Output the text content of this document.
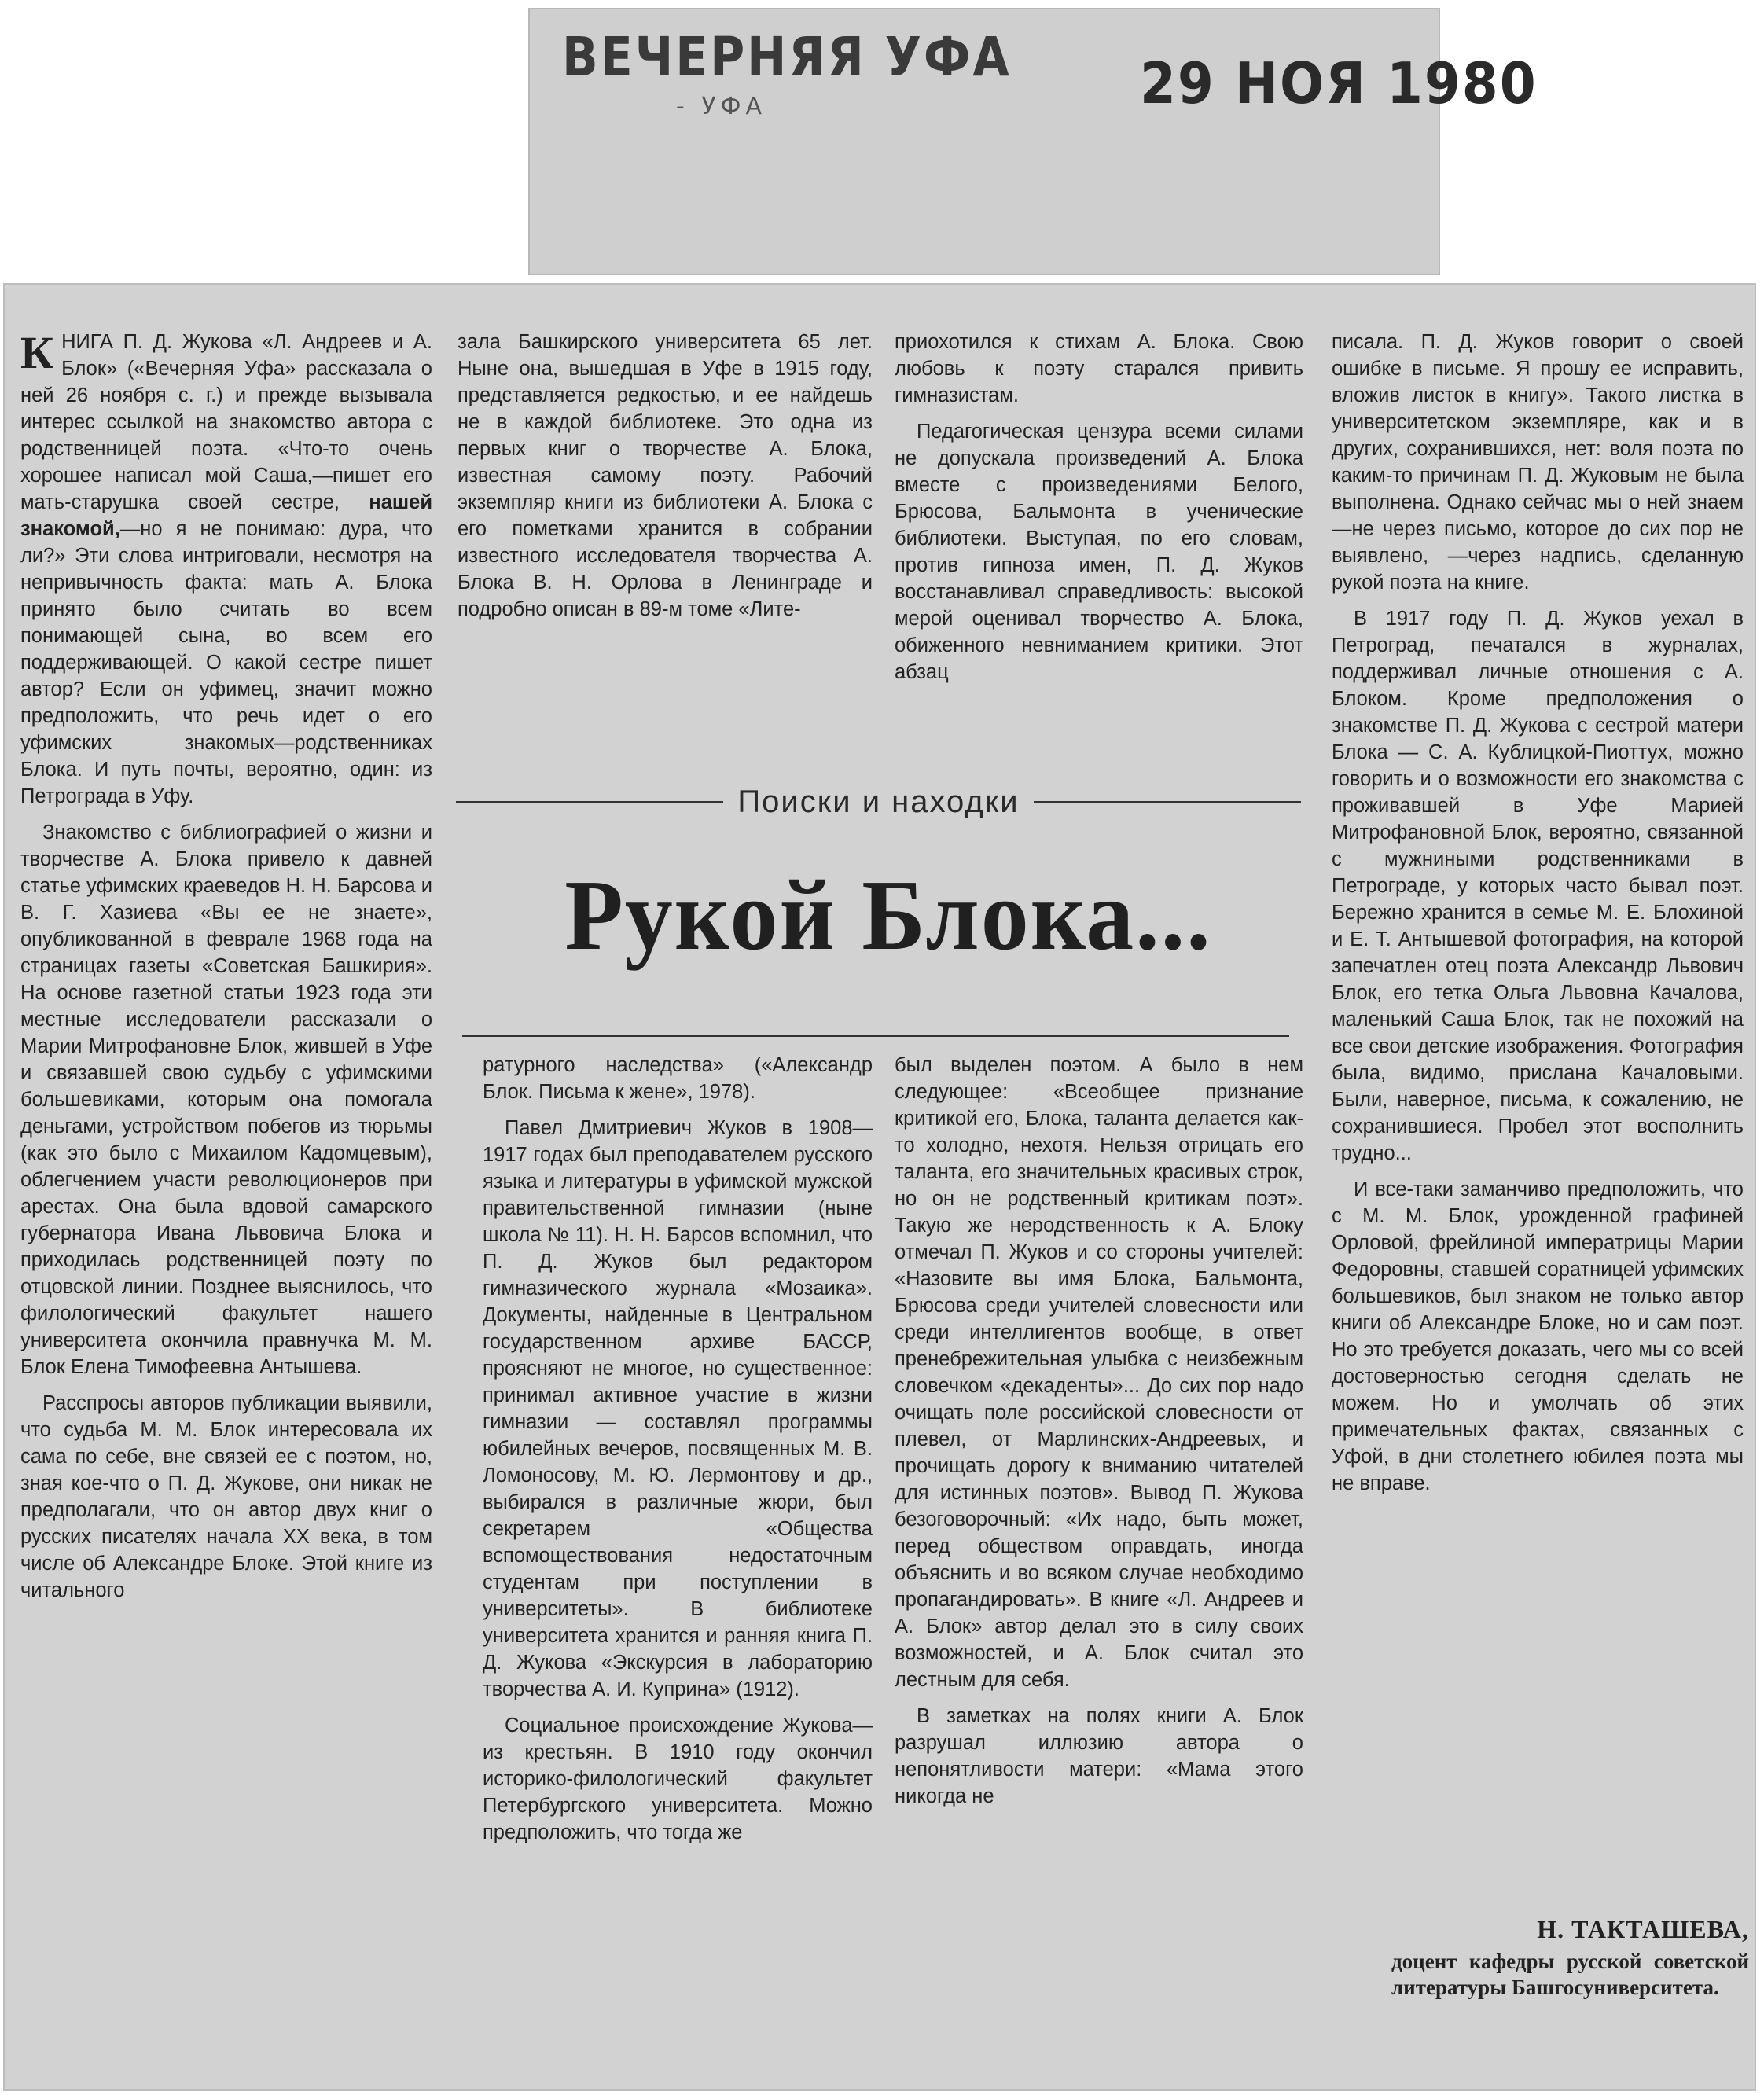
ВЕЧЕРНЯЯ УФА
- УФА	29 НОЯ 1980

КНИГА П. Д. Жукова «Л. Андреев и А. Блок» («Вечерняя Уфа» рассказала о ней 26 ноября с. г.) и прежде вызывала интерес ссылкой на знакомство автора с родственницей поэта. «Что-то очень хорошее написал мой Саша,—пишет его мать-старушка своей сестре, нашей знакомой,—но я не понимаю: дура, что ли?» Эти слова интриговали, несмотря на непривычность факта: мать А. Блока принято было считать во всем понимающей сына, во всем его поддерживающей. О какой сестре пишет автор? Если он уфимец, значит можно предположить, что речь идет о его уфимских знакомых—родственниках Блока. И путь почты, вероятно, один: из Петрограда в Уфу.

Знакомство с библиографией о жизни и творчестве А. Блока привело к давней статье уфимских краеведов Н. Н. Барсова и В. Г. Хазиева «Вы ее не знаете», опубликованной в феврале 1968 года на страницах газеты «Советская Башкирия». На основе газетной статьи 1923 года эти местные исследователи рассказали о Марии Митрофановне Блок, жившей в Уфе и связавшей свою судьбу с уфимскими большевиками, которым она помогала деньгами, устройством побегов из тюрьмы (как это было с Михаилом Кадомцевым), облегчением участи революционеров при арестах. Она была вдовой самарского губернатора Ивана Львовича Блока и приходилась родственницей поэту по отцовской линии. Позднее выяснилось, что филологический факультет нашего университета окончила правнучка М. М. Блок Елена Тимофеевна Антышева.

Расспросы авторов публикации выявили, что судьба М. М. Блок интересовала их сама по себе, вне связей ее с поэтом, но, зная кое-что о П. Д. Жукове, они никак не предполагали, что он автор двух книг о русских писателях начала XX века, в том числе об Александре Блоке. Этой книге из читального

зала Башкирского университета 65 лет. Ныне она, вышедшая в Уфе в 1915 году, представляется редкостью, и ее найдешь не в каждой библиотеке. Это одна из первых книг о творчестве А. Блока, известная самому поэту. Рабочий экземпляр книги из библиотеки А. Блока с его пометками хранится в собрании известного исследователя творчества А. Блока В. Н. Орлова в Ленинграде и подробно описан в 89-м томе «Лите-

приохотился к стихам А. Блока. Свою любовь к поэту старался привить гимназистам.

Педагогическая цензура всеми силами не допускала произведений А. Блока вместе с произведениями Белого, Брюсова, Бальмонта в ученические библиотеки. Выступая, по его словам, против гипноза имен, П. Д. Жуков восстанавливал справедливость: высокой мерой оценивал творчество А. Блока, обиженного невниманием критики. Этот абзац

Поиски и находки
Рукой Блока...

ратурного наследства» («Александр Блок. Письма к жене», 1978).

Павел Дмитриевич Жуков в 1908—1917 годах был преподавателем русского языка и литературы в уфимской мужской правительственной гимназии (ныне школа № 11). Н. Н. Барсов вспомнил, что П. Д. Жуков был редактором гимназического журнала «Мозаика». Документы, найденные в Центральном государственном архиве БАССР, проясняют не многое, но существенное: принимал активное участие в жизни гимназии — составлял программы юбилейных вечеров, посвященных М. В. Ломоносову, М. Ю. Лермонтову и др., выбирался в различные жюри, был секретарем «Общества вспомоществования недостаточным студентам при поступлении в университеты». В библиотеке университета хранится и ранняя книга П. Д. Жукова «Экскурсия в лабораторию творчества А. И. Куприна» (1912).

Социальное происхождение Жукова—из крестьян. В 1910 году окончил историко-филологический факультет Петербургского университета. Можно предположить, что тогда же

был выделен поэтом. А было в нем следующее: «Всеобщее признание критикой его, Блока, таланта делается как-то холодно, нехотя. Нельзя отрицать его таланта, его значительных красивых строк, но он не родственный критикам поэт». Такую же неродственность к А. Блоку отмечал П. Жуков и со стороны учителей: «Назовите вы имя Блока, Бальмонта, Брюсова среди учителей словесности или среди интеллигентов вообще, в ответ пренебрежительная улыбка с неизбежным словечком «декаденты»... До сих пор надо очищать поле российской словесности от плевел, от Марлинских-Андреевых, и прочищать дорогу к вниманию читателей для истинных поэтов». Вывод П. Жукова безоговорочный: «Их надо, быть может, перед обществом оправдать, иногда объяснить и во всяком случае необходимо пропагандировать». В книге «Л. Андреев и А. Блок» автор делал это в силу своих возможностей, и А. Блок считал это лестным для себя.

В заметках на полях книги А. Блок разрушал иллюзию автора о непонятливости матери: «Мама этого никогда не

писала. П. Д. Жуков говорит о своей ошибке в письме. Я прошу ее исправить, вложив листок в книгу». Такого листка в университетском экземпляре, как и в других, сохранившихся, нет: воля поэта по каким-то причинам П. Д. Жуковым не была выполнена. Однако сейчас мы о ней знаем —не через письмо, которое до сих пор не выявлено, —через надпись, сделанную рукой поэта на книге.

В 1917 году П. Д. Жуков уехал в Петроград, печатался в журналах, поддерживал личные отношения с А. Блоком. Кроме предположения о знакомстве П. Д. Жукова с сестрой матери Блока — С. А. Кублицкой-Пиоттух, можно говорить и о возможности его знакомства с проживавшей в Уфе Марией Митрофановной Блок, вероятно, связанной с мужниными родственниками в Петрограде, у которых часто бывал поэт. Бережно хранится в семье М. Е. Блохиной и Е. Т. Антышевой фотография, на которой запечатлен отец поэта Александр Львович Блок, его тетка Ольга Львовна Качалова, маленький Саша Блок, так не похожий на все свои детские изображения. Фотография была, видимо, прислана Качаловыми. Были, наверное, письма, к сожалению, не сохранившиеся. Пробел этот восполнить трудно...

И все-таки заманчиво предположить, что с М. М. Блок, урожденной графиней Орловой, фрейлиной императрицы Марии Федоровны, ставшей соратницей уфимских большевиков, был знаком не только автор книги об Александре Блоке, но и сам поэт. Но это требуется доказать, чего мы со всей достоверностью сегодня сделать не можем. Но и умолчать об этих примечательных фактах, связанных с Уфой, в дни столетнего юбилея поэта мы не вправе.

Н. ТАКТАШЕВА,
доцент кафедры русской советской литературы Башгосуниверситета.
